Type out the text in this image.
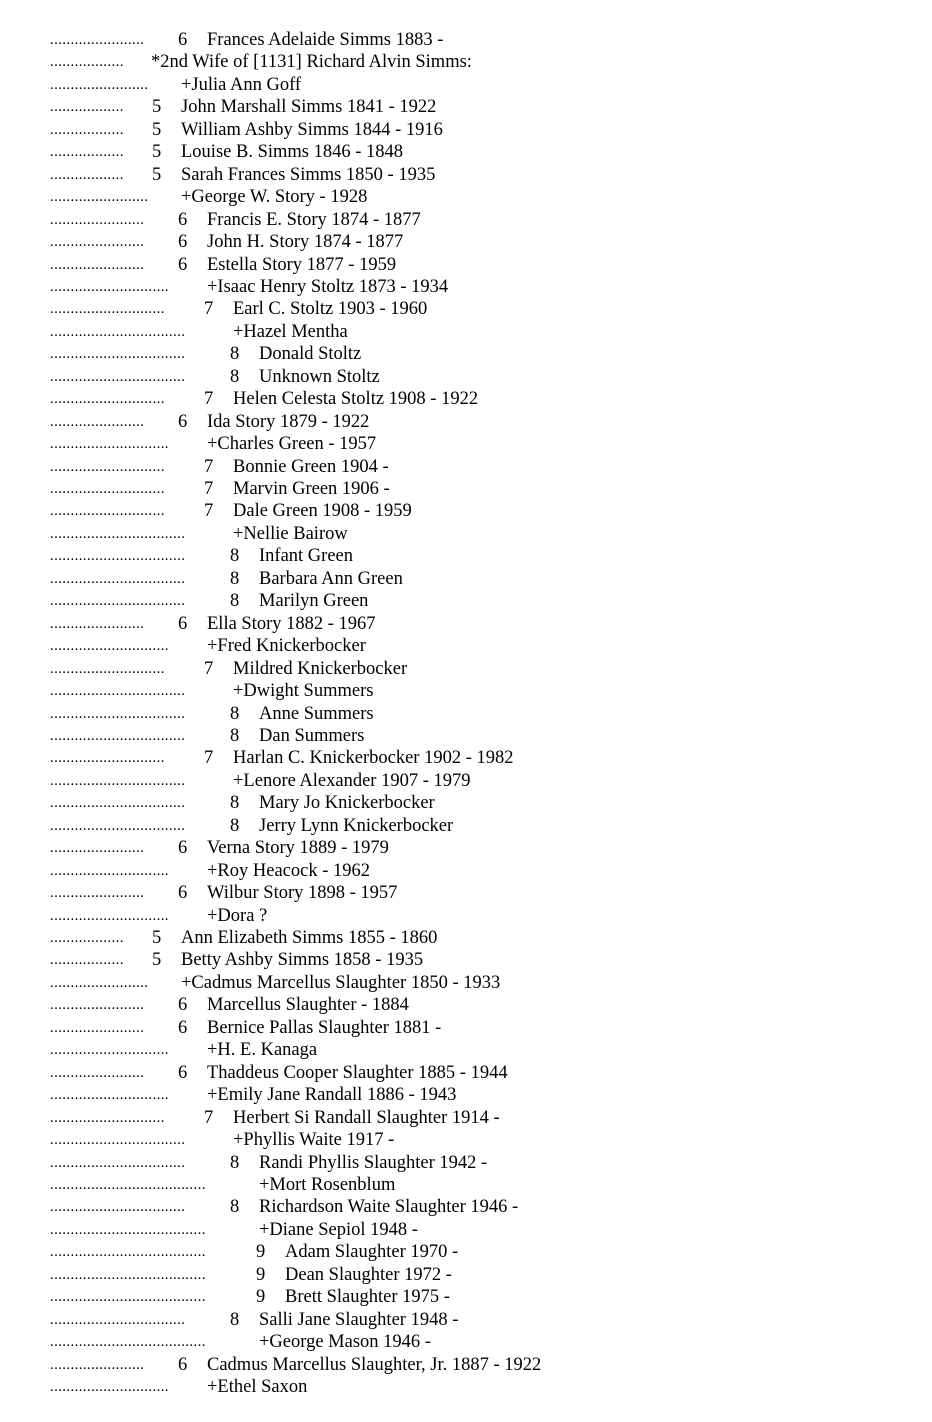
.......................	6 Frances Adelaide Simms 1883 -
..................	*2nd Wife of [1131] Richard Alvin Simms:
........................ +Julia Ann Goff
..................	5 John Marshall Simms 1841 - 1922
..................	5 William Ashby Simms 1844 - 1916
..................	5 Louise B. Simms 1846 - 1848
..................	5 Sarah Frances Simms 1850 - 1935
........................ +George W. Story - 1928
.......................	6 Francis E. Story 1874 - 1877
.......................	6 John H. Story 1874 - 1877
.......................	6 Estella Story 1877 - 1959
............................. +Isaac Henry Stoltz 1873 - 1934
............................	7 Earl C. Stoltz 1903 - 1960
.................................	+Hazel Mentha
.................................	8 Donald Stoltz
.................................	8 Unknown Stoltz
............................	7 Helen Celesta Stoltz 1908 - 1922
.......................	6 Ida Story 1879 - 1922
............................. +Charles Green - 1957
............................	7 Bonnie Green 1904 -
............................	7 Marvin Green 1906 -
............................	7 Dale Green 1908 - 1959
.................................	+Nellie Bairow
.................................	8 Infant Green
.................................	8 Barbara Ann Green
.................................	8 Marilyn Green
.......................	6 Ella Story 1882 - 1967
............................. +Fred Knickerbocker
............................	7 Mildred Knickerbocker
.................................	+Dwight Summers
.................................	8 Anne Summers
.................................	8 Dan Summers
............................	7 Harlan C. Knickerbocker 1902 - 1982
.................................	+Lenore Alexander 1907 - 1979
.................................	8 Mary Jo Knickerbocker
.................................	8 Jerry Lynn Knickerbocker
.......................	6 Verna Story 1889 - 1979
............................. +Roy Heacock - 1962
.......................	6 Wilbur Story 1898 - 1957
............................. +Dora ?
..................	5 Ann Elizabeth Simms 1855 - 1860
..................	5 Betty Ashby Simms 1858 - 1935
........................ +Cadmus Marcellus Slaughter 1850 - 1933
.......................	6 Marcellus Slaughter - 1884
.......................	6 Bernice Pallas Slaughter 1881 -
............................. +H. E. Kanaga
.......................	6 Thaddeus Cooper Slaughter 1885 - 1944
............................. +Emily Jane Randall 1886 - 1943
............................	7 Herbert Si Randall Slaughter 1914 -
.................................	+Phyllis Waite 1917 -
.................................	8 Randi Phyllis Slaughter 1942 -
......................................	+Mort Rosenblum
.................................	8 Richardson Waite Slaughter 1946 -
......................................	+Diane Sepiol 1948 -
......................................	9 Adam Slaughter 1970 -
......................................	9 Dean Slaughter 1972 -
......................................	9 Brett Slaughter 1975 -
.................................	8 Salli Jane Slaughter 1948 -
......................................	+George Mason 1946 -
.......................	6 Cadmus Marcellus Slaughter, Jr. 1887 - 1922
............................. +Ethel Saxon
